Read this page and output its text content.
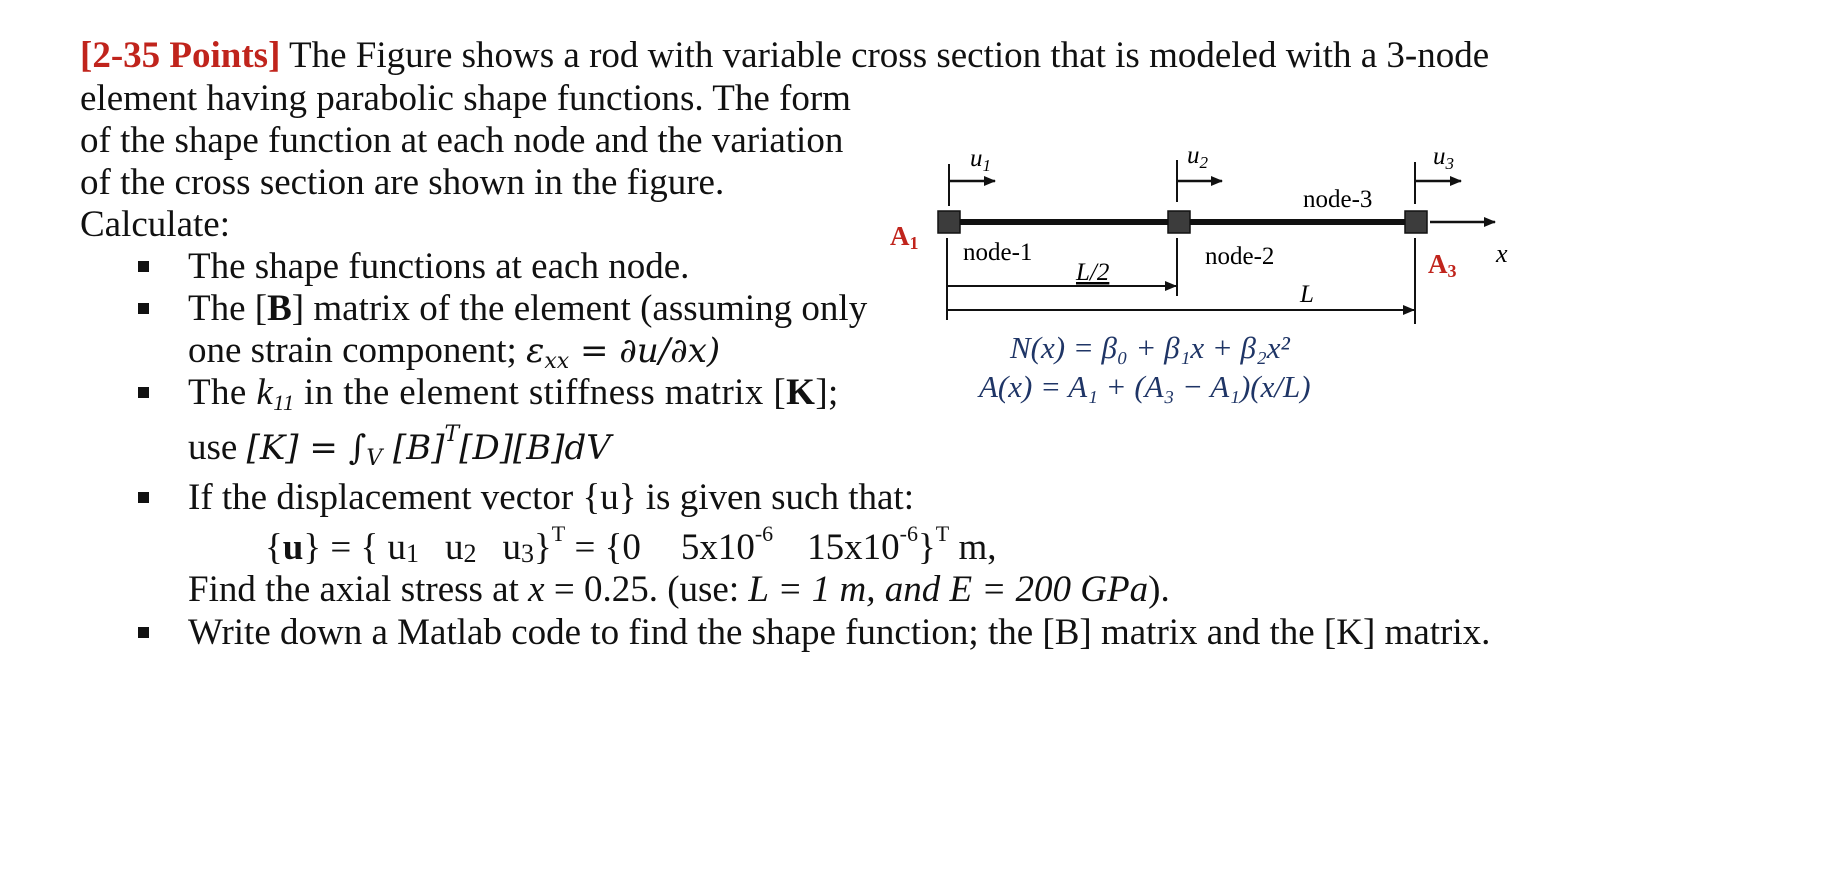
[2-35 Points] The Figure shows a rod with variable cross section that is modeled with a 3-node
element having parabolic shape functions. The form
of the shape function at each node and the variation
of the cross section are shown in the figure.
Calculate:
The shape functions at each node.
The [B] matrix of the element (assuming only
one strain component; εxx = ∂u/∂x)
The k11 in the element stiffness matrix [K];
use [K] = ∫V $[B]^T[D][B]dV$
If the displacement vector {u} is given such that:
{u} = { u1 u2 u3}$^T$ = {0 $5x10^{-6}$ $15x10^{-6}\}^T$ m,
Find the axial stress at x = 0.25. (use: L = 1 m, and E = 200 GPa).
Write down a Matlab code to find the shape function; the [B] matrix and the [K] matrix.
$u_1$	$u_2$	$u_3$
x
A1
A3
node-1	node-2
node-3
L/2
L
N(x) = β₀ + β₁x + β₂x²
A(x) = A₁ + (A₃ − A₁)(x/L)
